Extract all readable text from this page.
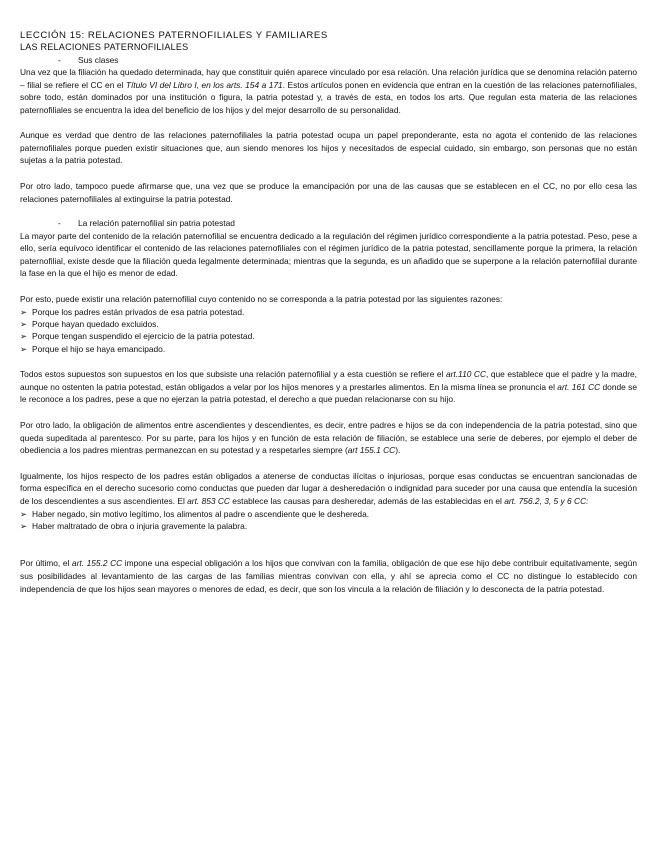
LECCIÓN 15: RELACIONES PATERNOFILIALES Y FAMILIARES
LAS RELACIONES PATERNOFILIALES
- Sus clases

Una vez que la filiación ha quedado determinada, hay que constituir quién aparece vinculado por esa relación. Una relación jurídica que se denomina relación paterno – filial se refiere el CC en el Título VI del Libro I, en los arts. 154 a 171. Estos artículos ponen en evidencia que entran en la cuestión de las relaciones paternofiliales, sobre todo, están dominados por una institución o figura, la patria potestad y, a través de esta, en todos los arts. Que regulan esta materia de las relaciones paternofiliales se encuentra la idea del beneficio de los hijos y del mejor desarrollo de su personalidad.

Aunque es verdad que dentro de las relaciones paternofiliales la patria potestad ocupa un papel preponderante, esta no agota el contenido de las relaciones paternofiliales porque pueden existir situaciones que, aun siendo menores los hijos y necesitados de especial cuidado, sin embargo, son personas que no están sujetas a la patria potestad.

Por otro lado, tampoco puede afirmarse que, una vez que se produce la emancipación por una de las causas que se establecen en el CC, no por ello cesa las relaciones paternofiliales al extinguirse la patria potestad.

- La relación paternofilial sin patria potestad

La mayor parte del contenido de la relación paternofilial se encuentra dedicado a la regulación del régimen jurídico correspondiente a la patria potestad. Peso, pese a ello, sería equívoco identificar el contenido de las relaciones paternofiliales con el régimen jurídico de la patria potestad, sencillamente porque la primera, la relación paternofilial, existe desde que la filiación queda legalmente determinada; mientras que la segunda, es un añadido que se superpone a la relación paternofilial durante la fase en la que el hijo es menor de edad.

Por esto, puede existir una relación paternofilial cuyo contenido no se corresponda a la patria potestad por las siguientes razones:

➢ Porque los padres están privados de esa patria potestad.
➢ Porque hayan quedado excluidos.
➢ Porque tengan suspendido el ejercicio de la patria potestad.
➢ Porque el hijo se haya emancipado.

Todos estos supuestos son supuestos en los que subsiste una relación paternofilial y a esta cuestión se refiere el art.110 CC, que establece que el padre y la madre, aunque no ostenten la patria potestad, están obligados a velar por los hijos menores y a prestarles alimentos. En la misma línea se pronuncia el art. 161 CC donde se le reconoce a los padres, pese a que no ejerzan la patria potestad, el derecho a que puedan relacionarse con su hijo.

Por otro lado, la obligación de alimentos entre ascendientes y descendientes, es decir, entre padres e hijos se da con independencia de la patria potestad, sino que queda supeditada al parentesco. Por su parte, para los hijos y en función de esta relación de filiación, se establece una serie de deberes, por ejemplo el deber de obediencia a los padres mientras permanezcan en su potestad y a respetarles siempre (art 155.1 CC).

Igualmente, los hijos respecto de los padres están obligados a atenerse de conductas ilícitas o injuriosas, porque esas conductas se encuentran sancionadas de forma específica en el derecho sucesorio como conductas que pueden dar lugar a desheredación o indignidad para suceder por una causa que entendía la sucesión de los descendientes a sus ascendientes. El art. 853 CC establece las causas para desheredar, además de las establecidas en el art. 756.2, 3, 5 y 6 CC:

➢ Haber negado, sin motivo legítimo, los alimentos al padre o ascendiente que le deshereda.
➢ Haber maltratado de obra o injuria gravemente la palabra.

Por último, el art. 155.2 CC impone una especial obligación a los hijos que convivan con la familia, obligación de que ese hijo debe contribuir equitativamente, según sus posibilidades al levantamiento de las cargas de las familias mientras convivan con ella, y ahí se aprecia como el CC no distingue lo establecido con independencia de que los hijos sean mayores o menores de edad, es decir, que son los vincula a la relación de filiación y lo desconecta de la patria potestad.
